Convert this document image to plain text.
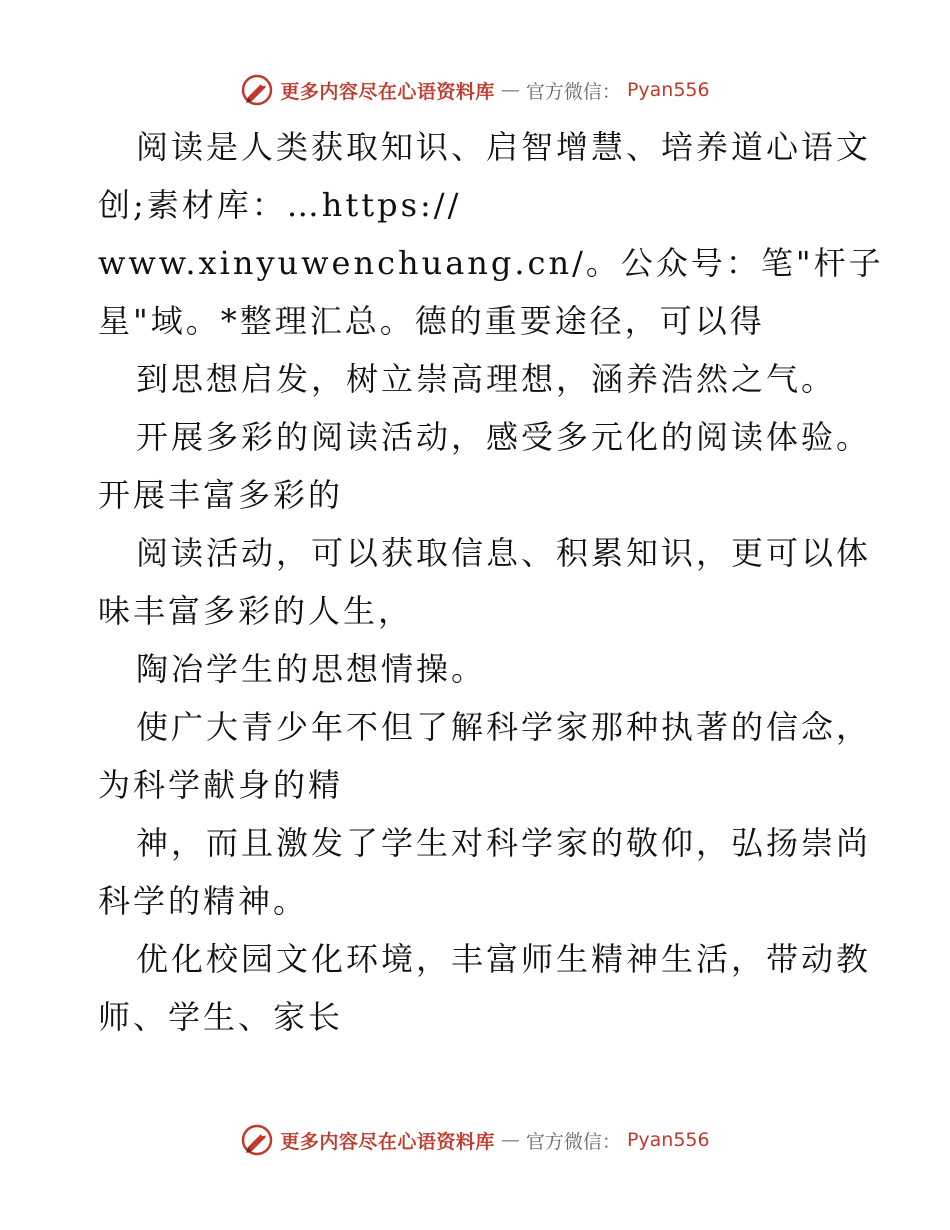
更多内容尽在心语资料库 — 官方微信： Pyan556

阅读是人类获取知识、启智增慧、培养道心语文

创;素材库：…https://

www.xinyuwenchuang.cn/。公众号：笔"杆子

星"域。*整理汇总。德的重要途径，可以得

到思想启发，树立崇高理想，涵养浩然之气。

开展多彩的阅读活动，感受多元化的阅读体验。

开展丰富多彩的

阅读活动，可以获取信息、积累知识，更可以体

味丰富多彩的人生，

陶冶学生的思想情操。

使广大青少年不但了解科学家那种执著的信念，

为科学献身的精

神，而且激发了学生对科学家的敬仰，弘扬崇尚

科学的精神。

优化校园文化环境，丰富师生精神生活，带动教

师、学生、家长

更多内容尽在心语资料库 — 官方微信： Pyan556
